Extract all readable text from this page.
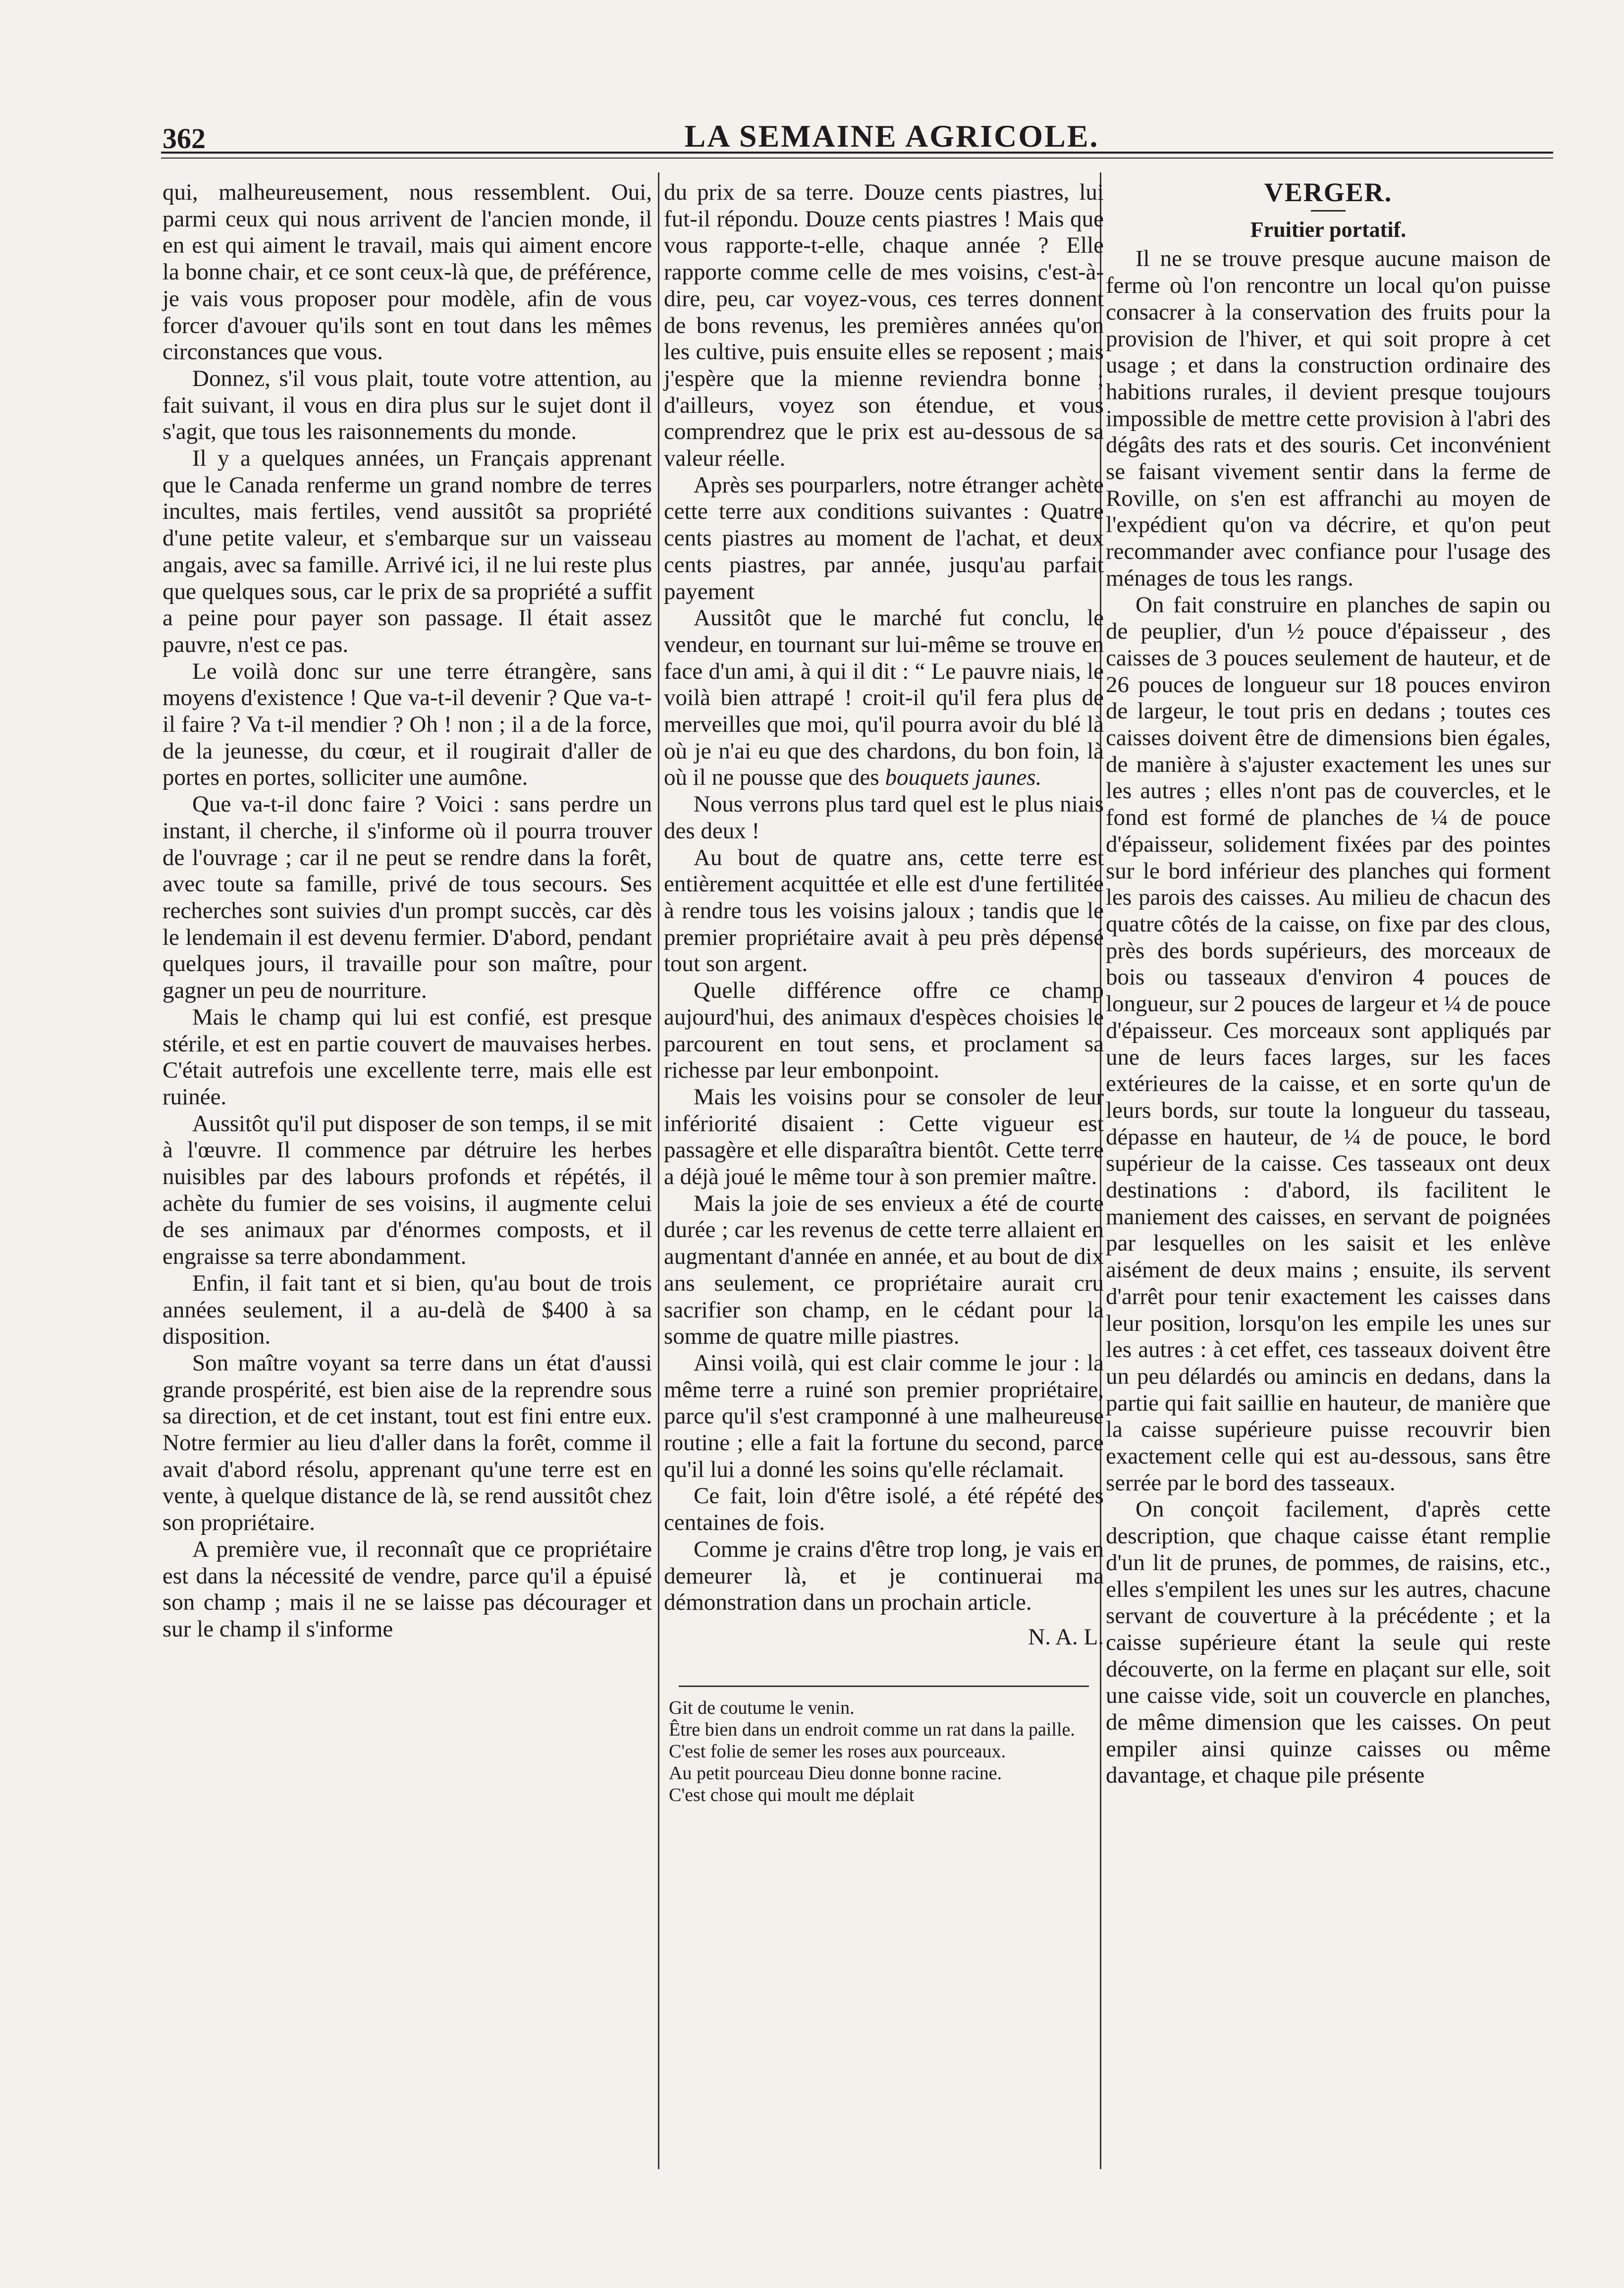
362	LA SEMAINE AGRICOLE.

qui, malheureusement, nous ressemblent. Oui, parmi ceux qui nous arrivent de l'ancien monde, il en est qui aiment le travail, mais qui aiment encore la bonne chair, et ce sont ceux-là que, de préférence, je vais vous proposer pour modèle, afin de vous forcer d'avouer qu'ils sont en tout dans les mêmes circonstances que vous.

Donnez, s'il vous plait, toute votre attention, au fait suivant, il vous en dira plus sur le sujet dont il s'agit, que tous les raisonnements du monde.

Il y a quelques années, un Français apprenant que le Canada renferme un grand nombre de terres incultes, mais fertiles, vend aussitôt sa propriété d'une petite valeur, et s'embarque sur un vaisseau angais, avec sa famille. Arrivé ici, il ne lui reste plus que quelques sous, car le prix de sa propriété a suffit a peine pour payer son passage. Il était assez pauvre, n'est ce pas.

Le voilà donc sur une terre étrangère, sans moyens d'existence ! Que va-t-il devenir ? Que va-t-il faire ? Va t-il mendier ? Oh ! non ; il a de la force, de la jeunesse, du cœur, et il rougirait d'aller de portes en portes, solliciter une aumône.

Que va-t-il donc faire ? Voici : sans perdre un instant, il cherche, il s'informe où il pourra trouver de l'ouvrage ; car il ne peut se rendre dans la forêt, avec toute sa famille, privé de tous secours. Ses recherches sont suivies d'un prompt succès, car dès le lendemain il est devenu fermier. D'abord, pendant quelques jours, il travaille pour son maître, pour gagner un peu de nourriture.

Mais le champ qui lui est confié, est presque stérile, et est en partie couvert de mauvaises herbes. C'était autrefois une excellente terre, mais elle est ruinée.

Aussitôt qu'il put disposer de son temps, il se mit à l'œuvre. Il commence par détruire les herbes nuisibles par des labours profonds et répétés, il achète du fumier de ses voisins, il augmente celui de ses animaux par d'énormes composts, et il engraisse sa terre abondamment.

Enfin, il fait tant et si bien, qu'au bout de trois années seulement, il a au-delà de $400 à sa disposition.

Son maître voyant sa terre dans un état d'aussi grande prospérité, est bien aise de la reprendre sous sa direction, et de cet instant, tout est fini entre eux. Notre fermier au lieu d'aller dans la forêt, comme il avait d'abord résolu, apprenant qu'une terre est en vente, à quelque distance de là, se rend aussitôt chez son propriétaire.

A première vue, il reconnaît que ce propriétaire est dans la nécessité de vendre, parce qu'il a épuisé son champ ; mais il ne se laisse pas décourager et sur le champ il s'informe

du prix de sa terre. Douze cents piastres, lui fut-il répondu. Douze cents piastres ! Mais que vous rapporte-t-elle, chaque année ? Elle rapporte comme celle de mes voisins, c'est-à-dire, peu, car voyez-vous, ces terres donnent de bons revenus, les premières années qu'on les cultive, puis ensuite elles se reposent ; mais j'espère que la mienne reviendra bonne ; d'ailleurs, voyez son étendue, et vous comprendrez que le prix est au-dessous de sa valeur réelle.

Après ses pourparlers, notre étranger achète cette terre aux conditions suivantes : Quatre cents piastres au moment de l'achat, et deux cents piastres, par année, jusqu'au parfait payement

Aussitôt que le marché fut conclu, le vendeur, en tournant sur lui-même se trouve en face d'un ami, à qui il dit : “ Le pauvre niais, le voilà bien attrapé ! croit-il qu'il fera plus de merveilles que moi, qu'il pourra avoir du blé là où je n'ai eu que des chardons, du bon foin, là où il ne pousse que des bouquets jaunes.

Nous verrons plus tard quel est le plus niais des deux !

Au bout de quatre ans, cette terre est entièrement acquittée et elle est d'une fertilitée à rendre tous les voisins jaloux ; tandis que le premier propriétaire avait à peu près dépensé tout son argent.

Quelle différence offre ce champ aujourd'hui, des animaux d'espèces choisies le parcourent en tout sens, et proclament sa richesse par leur embonpoint.

Mais les voisins pour se consoler de leur infériorité disaient : Cette vigueur est passagère et elle disparaîtra bientôt. Cette terre a déjà joué le même tour à son premier maître.

Mais la joie de ses envieux a été de courte durée ; car les revenus de cette terre allaient en augmentant d'année en année, et au bout de dix ans seulement, ce propriétaire aurait cru sacrifier son champ, en le cédant pour la somme de quatre mille piastres.

Ainsi voilà, qui est clair comme le jour : la même terre a ruiné son premier propriétaire, parce qu'il s'est cramponné à une malheureuse routine ; elle a fait la fortune du second, parce qu'il lui a donné les soins qu'elle réclamait.

Ce fait, loin d'être isolé, a été répété des centaines de fois.

Comme je crains d'être trop long, je vais en demeurer là, et je continuerai ma démonstration dans un prochain article.

N. A. L.

Git de coutume le venin.
Être bien dans un endroit comme un rat dans la paille.
C'est folie de semer les roses aux pourceaux.
Au petit pourceau Dieu donne bonne racine.
C'est chose qui moult me déplait
VERGER.
Fruitier portatif.

Il ne se trouve presque aucune maison de ferme où l'on rencontre un local qu'on puisse consacrer à la conservation des fruits pour la provision de l'hiver, et qui soit propre à cet usage ; et dans la construction ordinaire des habitions rurales, il devient presque toujours impossible de mettre cette provision à l'abri des dégâts des rats et des souris. Cet inconvénient se faisant vivement sentir dans la ferme de Roville, on s'en est affranchi au moyen de l'expédient qu'on va décrire, et qu'on peut recommander avec confiance pour l'usage des ménages de tous les rangs.

On fait construire en planches de sapin ou de peuplier, d'un ½ pouce d'épaisseur , des caisses de 3 pouces seulement de hauteur, et de 26 pouces de longueur sur 18 pouces environ de largeur, le tout pris en dedans ; toutes ces caisses doivent être de dimensions bien égales, de manière à s'ajuster exactement les unes sur les autres ; elles n'ont pas de couvercles, et le fond est formé de planches de ¼ de pouce d'épaisseur, solidement fixées par des pointes sur le bord inférieur des planches qui forment les parois des caisses. Au milieu de chacun des quatre côtés de la caisse, on fixe par des clous, près des bords supérieurs, des morceaux de bois ou tasseaux d'environ 4 pouces de longueur, sur 2 pouces de largeur et ¼ de pouce d'épaisseur. Ces morceaux sont appliqués par une de leurs faces larges, sur les faces extérieures de la caisse, et en sorte qu'un de leurs bords, sur toute la longueur du tasseau, dépasse en hauteur, de ¼ de pouce, le bord supérieur de la caisse. Ces tasseaux ont deux destinations : d'abord, ils facilitent le maniement des caisses, en servant de poignées par lesquelles on les saisit et les enlève aisément de deux mains ; ensuite, ils servent d'arrêt pour tenir exactement les caisses dans leur position, lorsqu'on les empile les unes sur les autres : à cet effet, ces tasseaux doivent être un peu délardés ou amincis en dedans, dans la partie qui fait saillie en hauteur, de manière que la caisse supérieure puisse recouvrir bien exactement celle qui est au-dessous, sans être serrée par le bord des tasseaux.

On conçoit facilement, d'après cette description, que chaque caisse étant remplie d'un lit de prunes, de pommes, de raisins, etc., elles s'empilent les unes sur les autres, chacune servant de couverture à la précédente ; et la caisse supérieure étant la seule qui reste découverte, on la ferme en plaçant sur elle, soit une caisse vide, soit un couvercle en planches, de même dimension que les caisses. On peut empiler ainsi quinze caisses ou même davantage, et chaque pile présente
